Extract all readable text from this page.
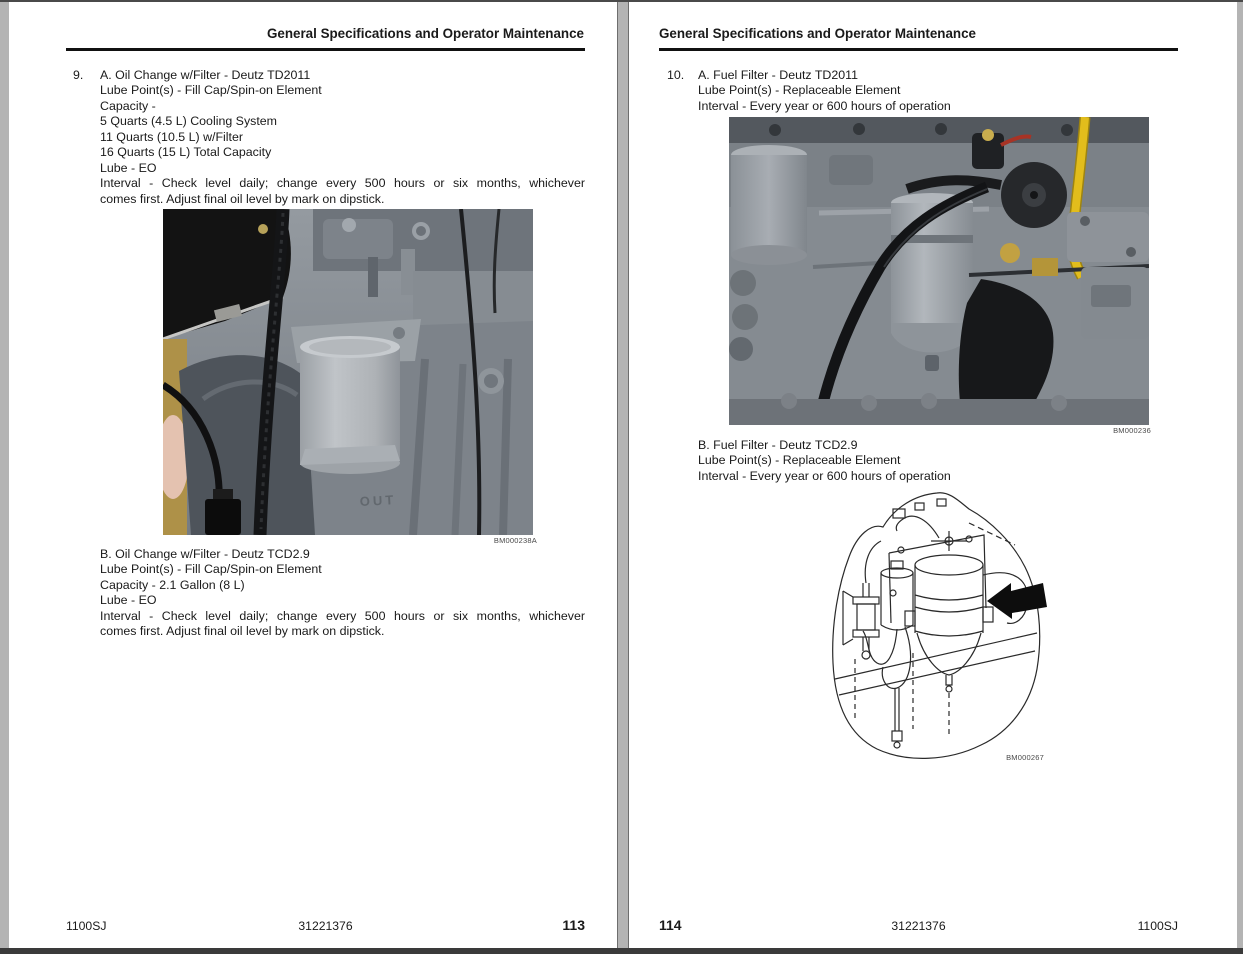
General Specifications and Operator Maintenance
9.	A. Oil Change w/Filter - Deutz TD2011

Lube Point(s) - Fill Cap/Spin-on Element

Capacity -

5 Quarts (4.5 L) Cooling System

11 Quarts (10.5 L) w/Filter

16 Quarts (15 L) Total Capacity

Lube - EO

Interval - Check level daily; change every 500 hours or six months, whichever

comes first. Adjust final oil level by mark on dipstick.

OUT
BM000238A

B. Oil Change w/Filter - Deutz TCD2.9

Lube Point(s) - Fill Cap/Spin-on Element

Capacity - 2.1 Gallon (8 L)

Lube - EO

Interval - Check level daily; change every 500 hours or six months, whichever

comes first. Adjust final oil level by mark on dipstick.

1100SJ	31221376	113
General Specifications and Operator Maintenance
10.	A. Fuel Filter - Deutz TD2011

Lube Point(s) - Replaceable Element

Interval - Every year or 600 hours of operation

BM000236

B. Fuel Filter - Deutz TCD2.9

Lube Point(s) - Replaceable Element

Interval - Every year or 600 hours of operation

BM000267
114	31221376	1100SJ
